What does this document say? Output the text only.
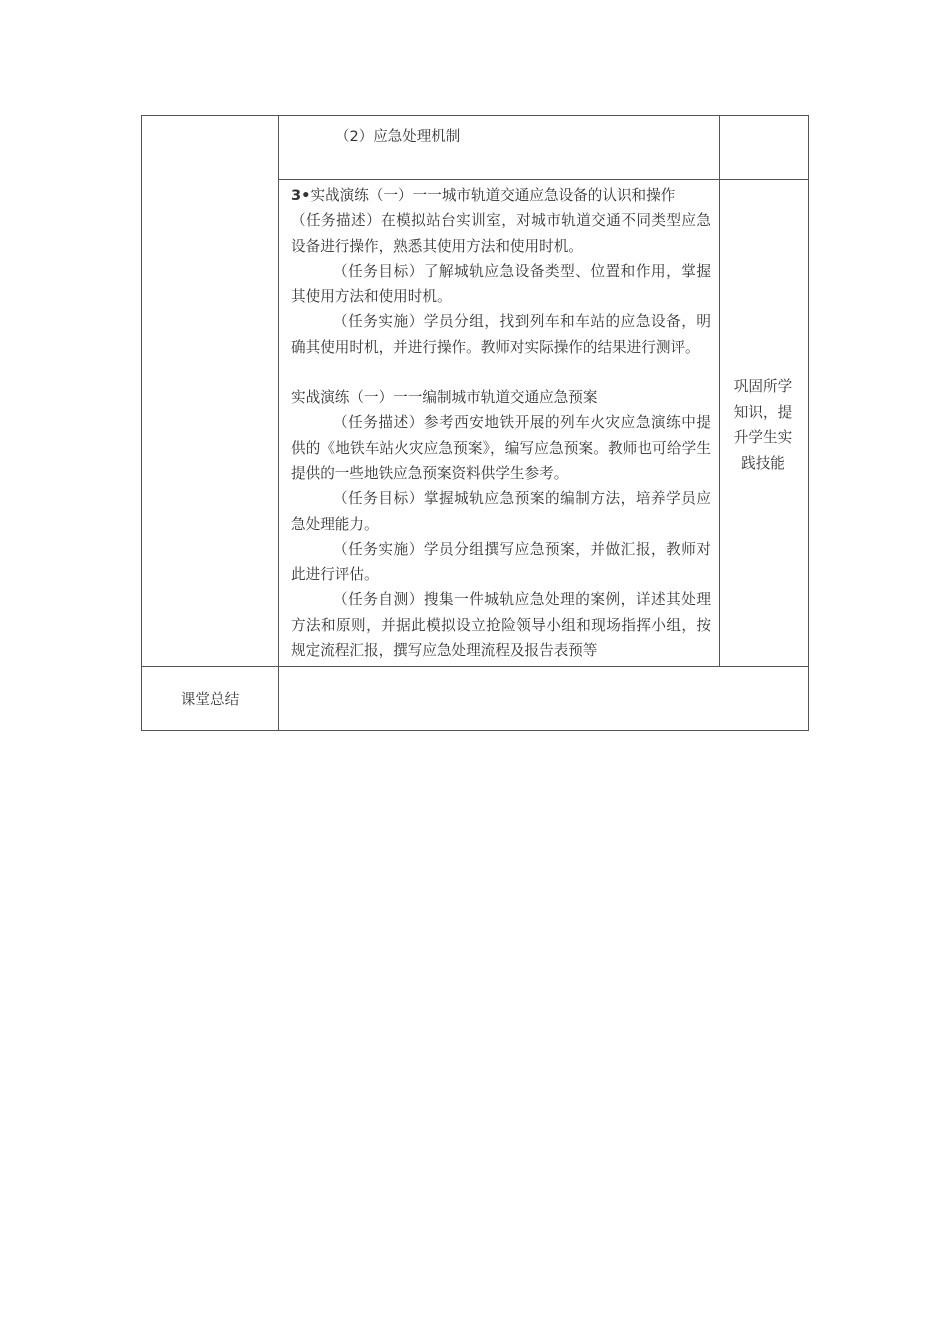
（2）应急处理机制

3•实战演练（一）一一城市轨道交通应急设备的认识和操作

（任务描述）在模拟站台实训室，对城市轨道交通不同类型应急设备进行操作，熟悉其使用方法和使用时机。

（任务目标）了解城轨应急设备类型、位置和作用，掌握其使用方法和使用时机。

（任务实施）学员分组，找到列车和车站的应急设备，明确其使用时机，并进行操作。教师对实际操作的结果进行测评。

实战演练（一）一一编制城市轨道交通应急预案

（任务描述）参考西安地铁开展的列车火灾应急演练中提供的《地铁车站火灾应急预案》，编写应急预案。教师也可给学生提供的一些地铁应急预案资料供学生参考。

（任务目标）掌握城轨应急预案的编制方法，培养学员应急处理能力。

（任务实施）学员分组撰写应急预案，并做汇报，教师对此进行评估。

（任务自测）搜集一件城轨应急处理的案例，详述其处理方法和原则，并据此模拟设立抢险领导小组和现场指挥小组，按规定流程汇报，撰写应急处理流程及报告表预等

巩固所学
知识，提
升学生实
践技能
课堂总结
